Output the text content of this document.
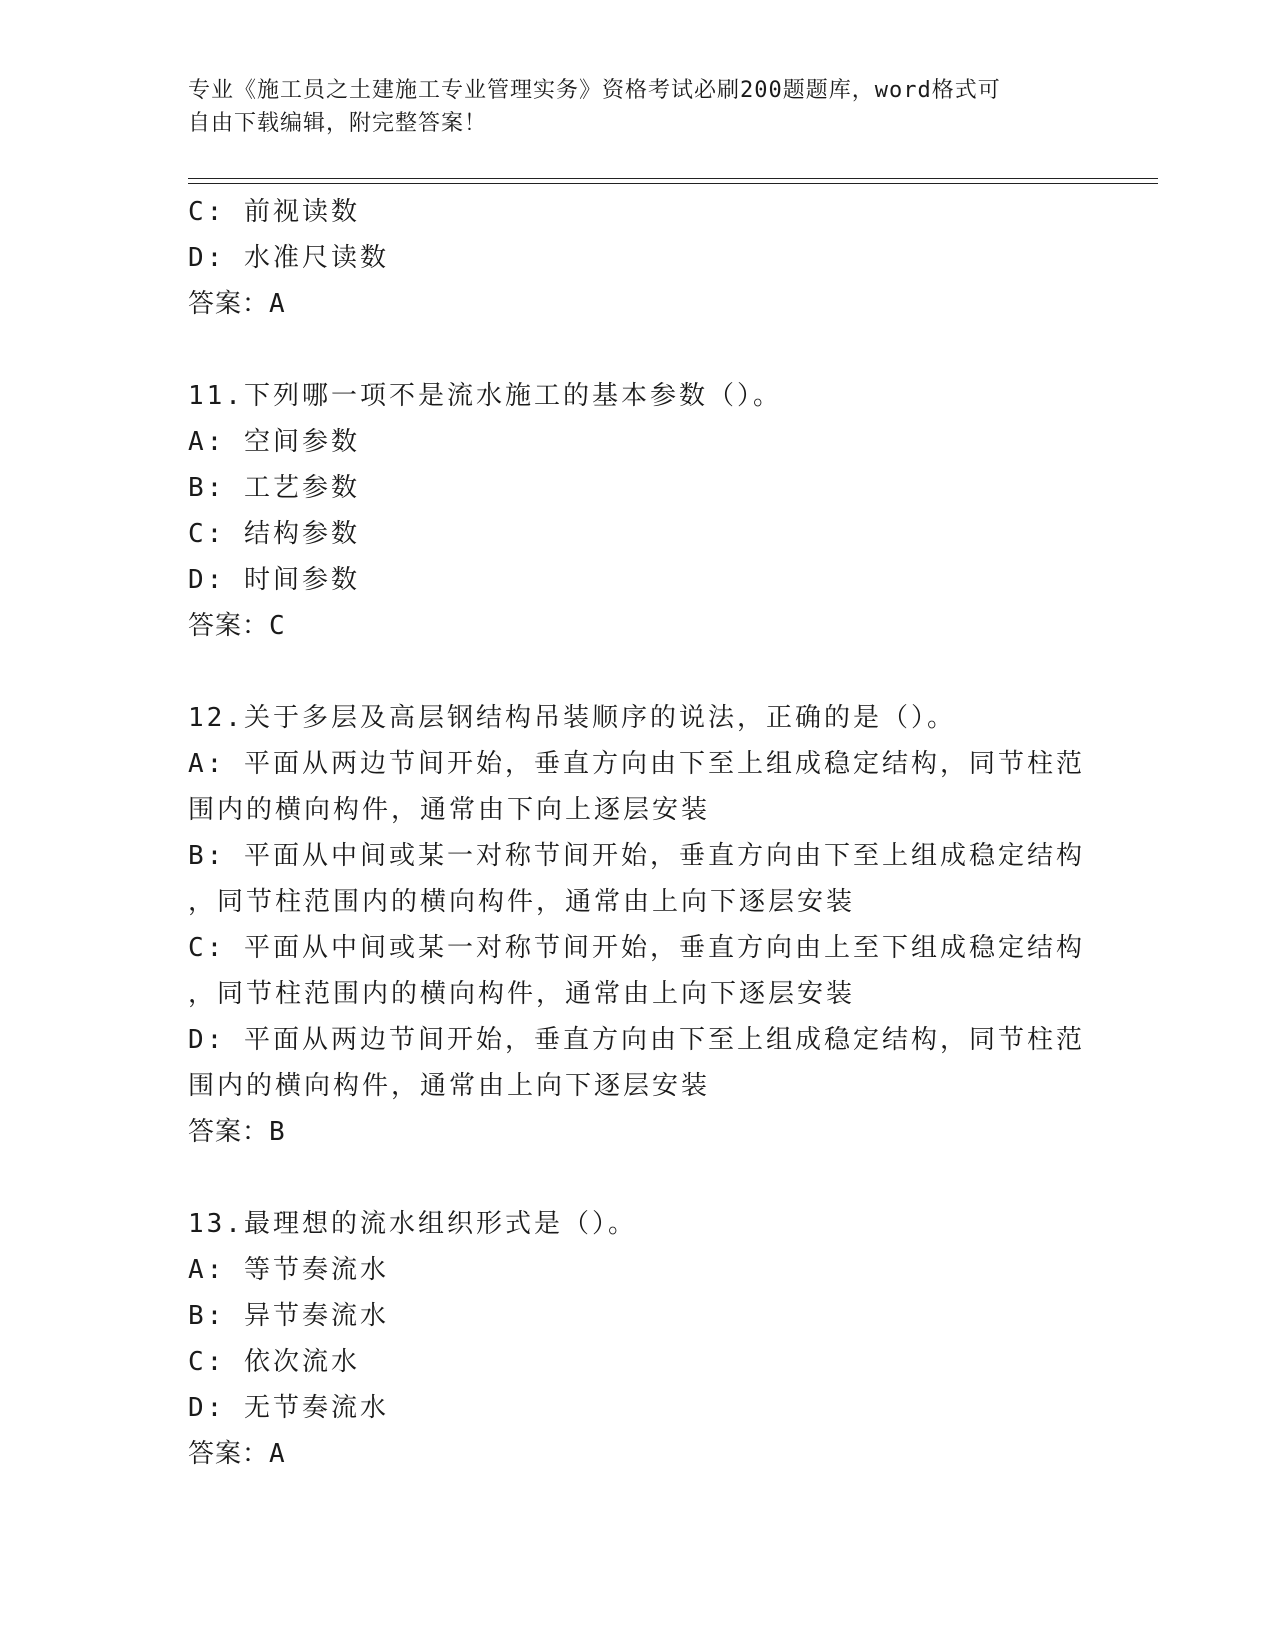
专业《施工员之土建施工专业管理实务》资格考试必刷200题题库，word格式可
自由下载编辑，附完整答案！
C: 前视读数
D: 水准尺读数
答案：A
11.下列哪一项不是流水施工的基本参数（）。
A: 空间参数
B: 工艺参数
C: 结构参数
D: 时间参数
答案：C
12.关于多层及高层钢结构吊装顺序的说法，正确的是（）。
A: 平面从两边节间开始，垂直方向由下至上组成稳定结构，同节柱范
围内的横向构件，通常由下向上逐层安装
B: 平面从中间或某一对称节间开始，垂直方向由下至上组成稳定结构
，同节柱范围内的横向构件，通常由上向下逐层安装
C: 平面从中间或某一对称节间开始，垂直方向由上至下组成稳定结构
，同节柱范围内的横向构件，通常由上向下逐层安装
D: 平面从两边节间开始，垂直方向由下至上组成稳定结构，同节柱范
围内的横向构件，通常由上向下逐层安装
答案：B
13.最理想的流水组织形式是（）。
A: 等节奏流水
B: 异节奏流水
C: 依次流水
D: 无节奏流水
答案：A
